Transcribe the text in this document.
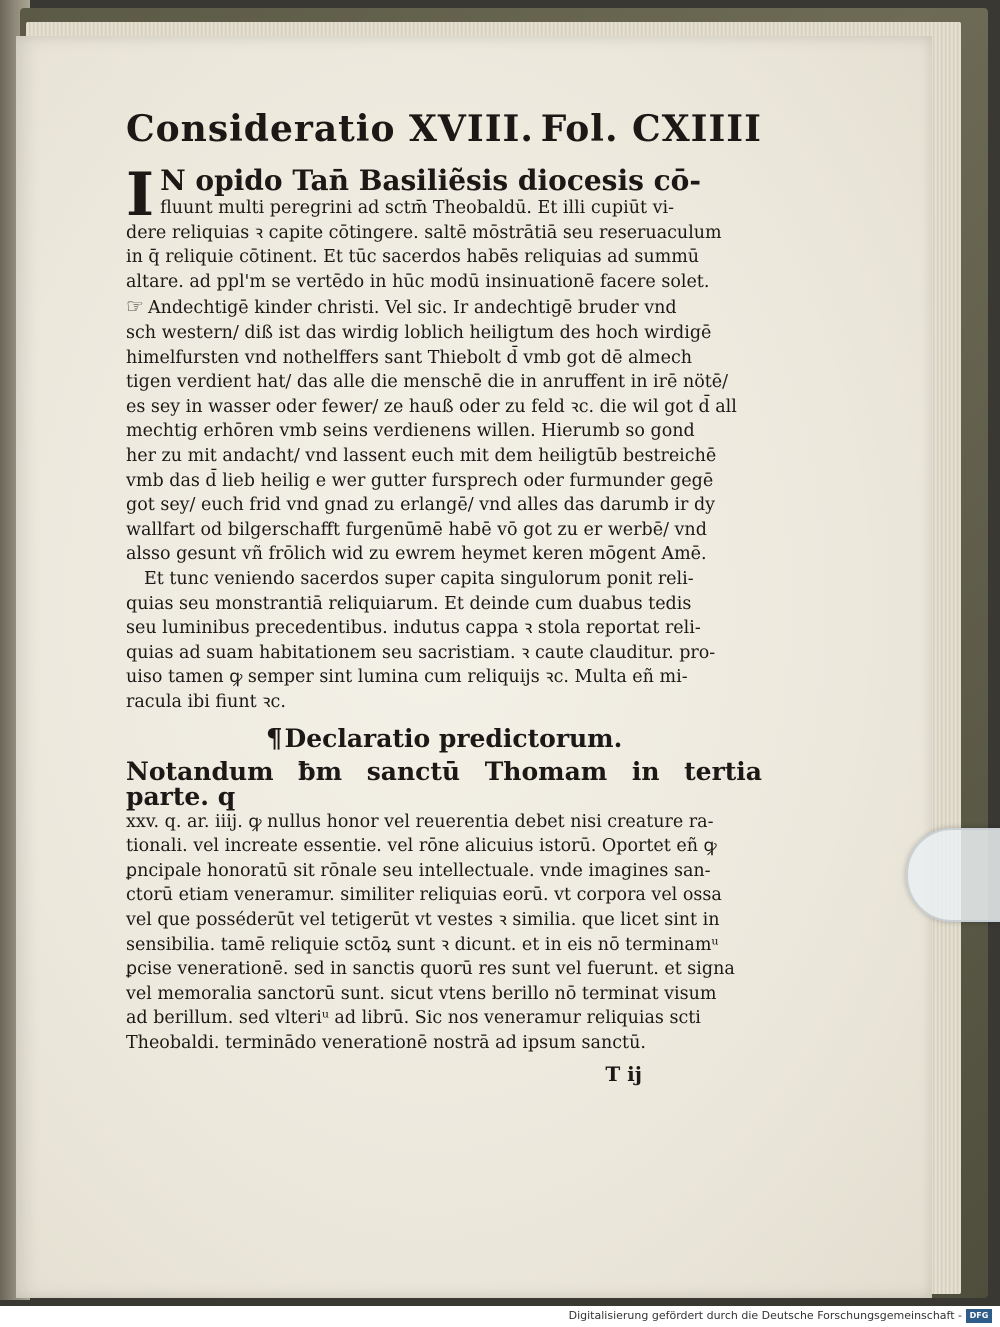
Consideratio XVIII. Fol. CXIIII
I N opido Tan̄ Basiliẽsis diocesis cō-
fluunt multi peregrini ad sctm̄ Theobaldū. Et illi cupiūt vi-
dere reliquias ꝛ capite cōtingere. saltē mōstrātiā seu reseruaculum
in q̄ reliquie cōtinent. Et tūc sacerdos habēs reliquias ad summū
altare. ad ppl'm se vertēdo in hūc modū insinuationē facere solet.
☞ Andechtigē kinder christi. Vel sic. Ir andechtigē bruder vnd
sch western/ diß ist das wirdig loblich heiligtum des hoch wirdigē
himelfursten vnd nothelffers sant Thiebolt d̄ vmb got dē almech
tigen verdient hat/ das alle die menschē die in anruffent in irē nötē/
es sey in wasser oder fewer/ ze hauß oder zu feld ꝛc. die wil got d̄ all
mechtig erhōren vmb seins verdienens willen. Hierumb so gond
her zu mit andacht/ vnd lassent euch mit dem heiligtūb bestreichē
vmb das d̄ lieb heilig e wer gutter fursprech oder furmunder gegē
got sey/ euch frid vnd gnad zu erlangē/ vnd alles das darumb ir dy
wallfart od bilgerschafft furgenūmē habē vō got zu er werbē/ vnd
alsso gesunt vñ frōlich wid zu ewrem heymet keren mōgent Amē.
Et tunc veniendo sacerdos super capita singulorum ponit reli-
quias seu monstrantiā reliquiarum. Et deinde cum duabus tedis
seu luminibus precedentibus. indutus cappa ꝛ stola reportat reli-
quias ad suam habitationem seu sacristiam. ꝛ caute clauditur. pro-
uiso tamen ꝙ semper sint lumina cum reliquijs ꝛc. Multa eñ mi-
racula ibi fiunt ꝛc.
¶Declaratio predictorum.
Notandum ƀm sanctū Thomam in tertia parte. q
xxv. q. ar. iiij. ꝙ nullus honor vel reuerentia debet nisi creature ra-
tionali. vel increate essentie. vel rōne alicuius istorū. Oportet eñ ꝙ
ꝑncipale honoratū sit rōnale seu intellectuale. vnde imagines san-
ctorū etiam veneramur. similiter reliquias eorū. vt corpora vel ossa
vel que posséderūt vel tetigerūt vt vestes ꝛ similia. que licet sint in
sensibilia. tamē reliquie sctōꝝ sunt ꝛ dicunt. et in eis nō terminamᵘ
ꝑcise venerationē. sed in sanctis quorū res sunt vel fuerunt. et signa
vel memoralia sanctorū sunt. sicut vtens berillo nō terminat visum
ad berillum. sed vlteriᵘ ad librū. Sic nos veneramur reliquias scti
Theobaldi. terminādo venerationē nostrā ad ipsum sanctū.
T ij
Digitalisierung gefördert durch die Deutsche Forschungsgemeinschaft - DFG
